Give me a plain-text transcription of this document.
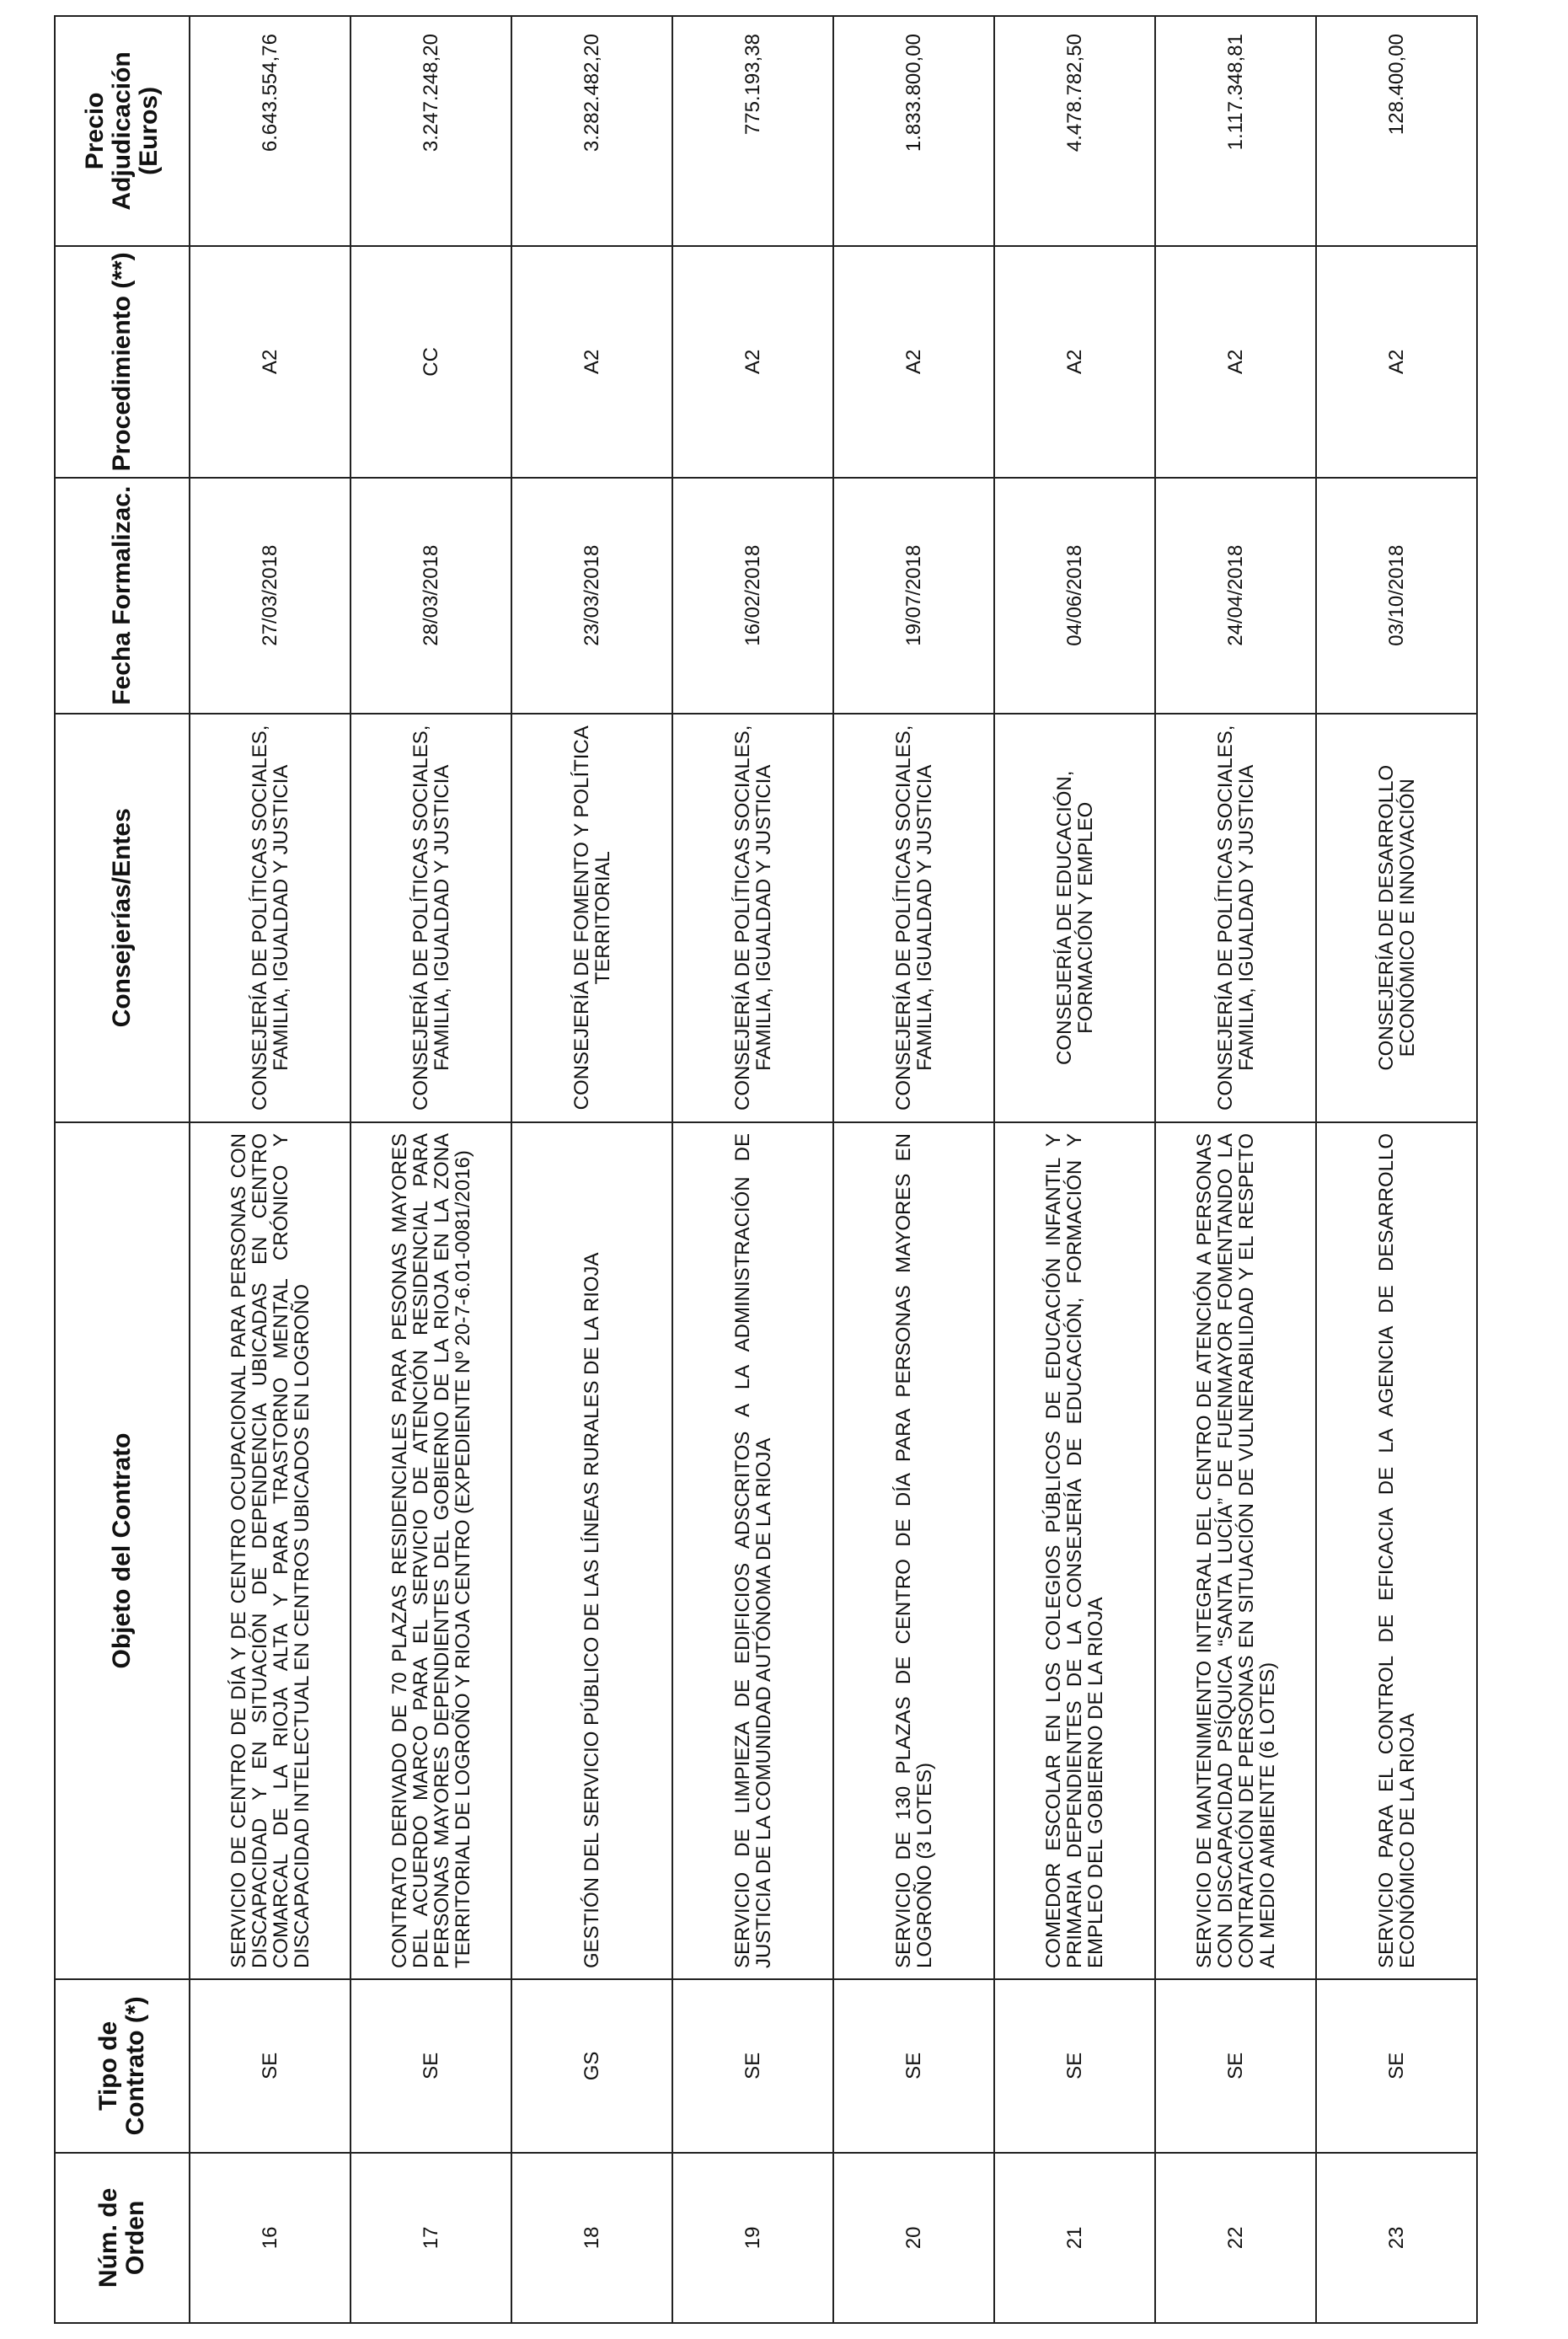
Núm. de Orden	Tipo de Contrato (*)	Objeto del Contrato	Consejerías/Entes	Fecha Formalizac.	Procedimiento (**)	Precio Adjudicación (Euros)
16	SE	SERVICIO DE CENTRO DE DÍA Y DE CENTRO OCUPACIONAL PARA PERSONAS CON DISCAPACIDAD Y EN SITUACIÓN DE DEPENDENCIA UBICADAS EN CENTRO COMARCAL DE LA RIOJA ALTA Y PARA TRASTORNO MENTAL CRÓNICO Y DISCAPACIDAD INTELECTUAL EN CENTROS UBICADOS EN LOGROÑO	CONSEJERÍA DE POLÍTICAS SOCIALES, FAMILIA, IGUALDAD Y JUSTICIA	27/03/2018	A2	6.643.554,76
17	SE	CONTRATO DERIVADO DE 70 PLAZAS RESIDENCIALES PARA PESONAS MAYORES DEL ACUERDO MARCO PARA EL SERVICIO DE ATENCIÓN RESIDENCIAL PARA PERSONAS MAYORES DEPENDIENTES DEL GOBIERNO DE LA RIOJA EN LA ZONA TERRITORIAL DE LOGROÑO Y RIOJA CENTRO (EXPEDIENTE Nº 20-7-6.01-0081/2016)	CONSEJERÍA DE POLÍTICAS SOCIALES, FAMILIA, IGUALDAD Y JUSTICIA	28/03/2018	CC	3.247.248,20
18	GS	GESTIÓN DEL SERVICIO PÚBLICO DE LAS LÍNEAS RURALES DE LA RIOJA	CONSEJERÍA DE FOMENTO Y POLÍTICA TERRITORIAL	23/03/2018	A2	3.282.482,20
19	SE	SERVICIO DE LIMPIEZA DE EDIFICIOS ADSCRITOS A LA ADMINISTRACIÓN DE JUSTICIA DE LA COMUNIDAD AUTÓNOMA DE LA RIOJA	CONSEJERÍA DE POLÍTICAS SOCIALES, FAMILIA, IGUALDAD Y JUSTICIA	16/02/2018	A2	775.193,38
20	SE	SERVICIO DE 130 PLAZAS DE CENTRO DE DÍA PARA PERSONAS MAYORES EN LOGROÑO (3 LOTES)	CONSEJERÍA DE POLÍTICAS SOCIALES, FAMILIA, IGUALDAD Y JUSTICIA	19/07/2018	A2	1.833.800,00
21	SE	COMEDOR ESCOLAR EN LOS COLEGIOS PÚBLICOS DE EDUCACIÓN INFANTIL Y PRIMARIA DEPENDIENTES DE LA CONSEJERÍA DE EDUCACIÓN, FORMACIÓN Y EMPLEO DEL GOBIERNO DE LA RIOJA	CONSEJERÍA DE EDUCACIÓN, FORMACIÓN Y EMPLEO	04/06/2018	A2	4.478.782,50
22	SE	SERVICIO DE MANTENIMIENTO INTEGRAL DEL CENTRO DE ATENCIÓN A PERSONAS CON DISCAPACIDAD PSÍQUICA “SANTA LUCÍA” DE FUENMAYOR FOMENTANDO LA CONTRATACIÓN DE PERSONAS EN SITUACIÓN DE VULNERABILIDAD Y EL RESPETO AL MEDIO AMBIENTE (6 LOTES)	CONSEJERÍA DE POLÍTICAS SOCIALES, FAMILIA, IGUALDAD Y JUSTICIA	24/04/2018	A2	1.117.348,81
23	SE	SERVICIO PARA EL CONTROL DE EFICACIA DE LA AGENCIA DE DESARROLLO ECONÓMICO DE LA RIOJA	CONSEJERÍA DE DESARROLLO ECONÓMICO E INNOVACIÓN	03/10/2018	A2	128.400,00
